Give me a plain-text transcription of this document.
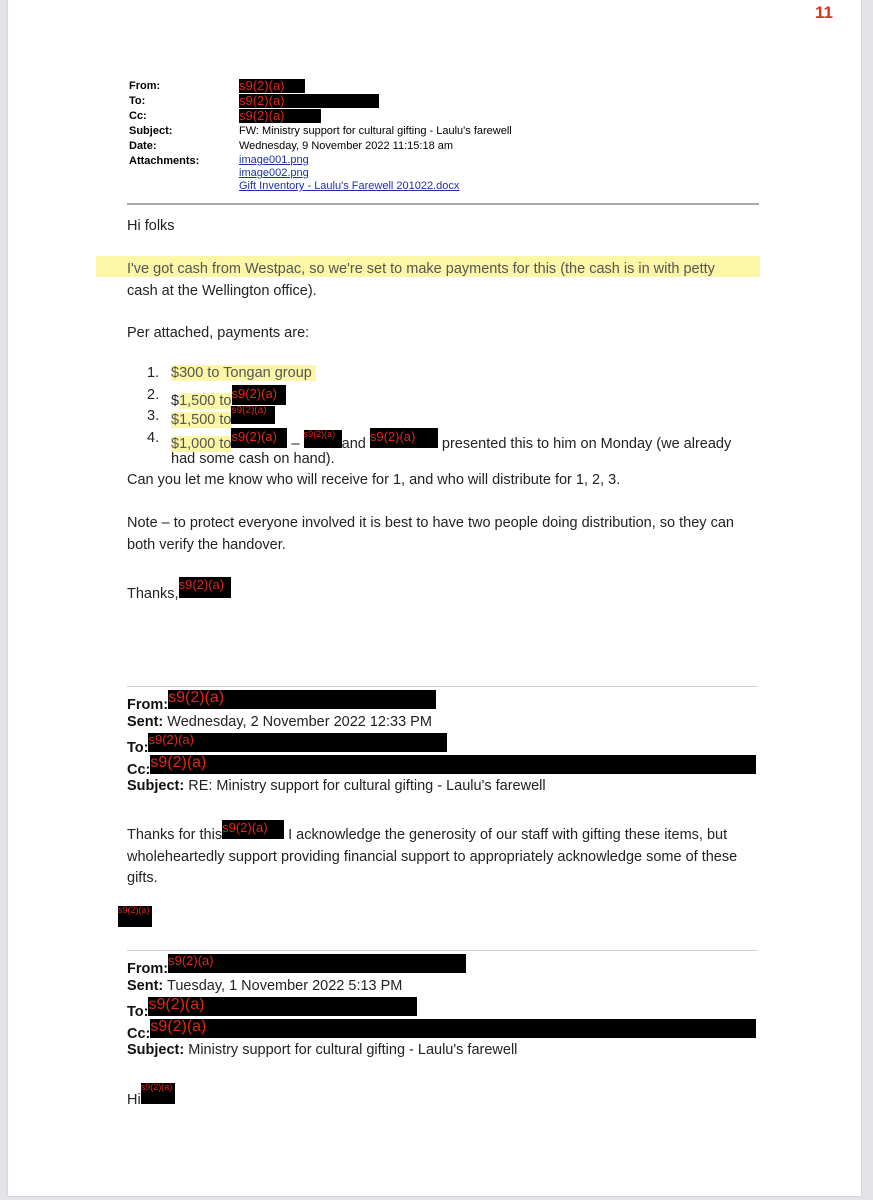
11
From:	s9(2)(a)
To:	s9(2)(a)
Cc:	s9(2)(a)
Subject:	FW: Ministry support for cultural gifting - Laulu's farewell
Date:	Wednesday, 9 November 2022 11:15:18 am
Attachments:	image001.png
image002.png
Gift Inventory - Laulu's Farewell 201022.docx
Hi folks
I've got cash from Westpac, so we're set to make payments for this (the cash is in with petty
cash at the Wellington office).
Per attached, payments are:
1. $300 to Tongan group
2. $1,500 tos9(2)(a)
3. $1,500 tos9(2)(a)
4. $1,000 tos9(2)(a) – s9(2)(a)and s9(2)(a) presented this to him on Monday (we already
had some cash on hand).
Can you let me know who will receive for 1, and who will distribute for 1, 2, 3.
Note – to protect everyone involved it is best to have two people doing distribution, so they can
both verify the handover.
Thanks,s9(2)(a)
From:s9(2)(a)
Sent: Wednesday, 2 November 2022 12:33 PM
To:s9(2)(a)
Cc:s9(2)(a)
Subject: RE: Ministry support for cultural gifting - Laulu's farewell
Thanks for thiss9(2)(a) I acknowledge the generosity of our staff with gifting these items, but
wholeheartedly support providing financial support to appropriately acknowledge some of these
gifts.
s9(2)(a)
From:s9(2)(a)
Sent: Tuesday, 1 November 2022 5:13 PM
To:s9(2)(a)
Cc:s9(2)(a)
Subject: Ministry support for cultural gifting - Laulu's farewell
His9(2)(a)
